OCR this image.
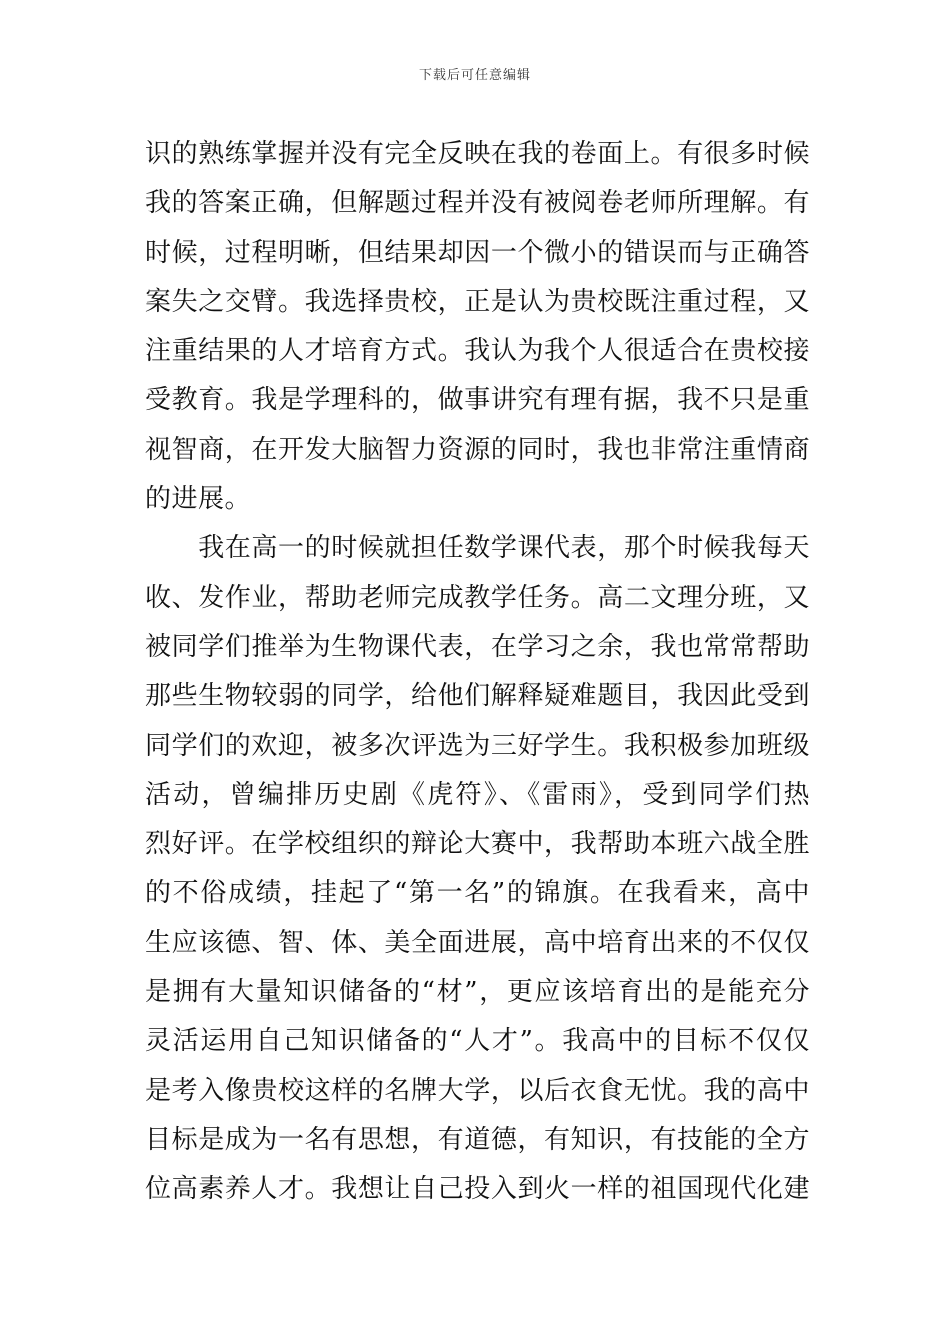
下载后可任意编辑
识的熟练掌握并没有完全反映在我的卷面上。有很多时候
我的答案正确，但解题过程并没有被阅卷老师所理解。有
时候，过程明晰，但结果却因一个微小的错误而与正确答
案失之交臂。我选择贵校，正是认为贵校既注重过程，又
注重结果的人才培育方式。我认为我个人很适合在贵校接
受教育。我是学理科的，做事讲究有理有据，我不只是重
视智商，在开发大脑智力资源的同时，我也非常注重情商
的进展。
　　我在高一的时候就担任数学课代表，那个时候我每天
收、发作业，帮助老师完成教学任务。高二文理分班，又
被同学们推举为生物课代表，在学习之余，我也常常帮助
那些生物较弱的同学，给他们解释疑难题目，我因此受到
同学们的欢迎，被多次评选为三好学生。我积极参加班级
活动，曾编排历史剧《虎符》、《雷雨》，受到同学们热
烈好评。在学校组织的辩论大赛中，我帮助本班六战全胜
的不俗成绩，挂起了“第一名”的锦旗。在我看来，高中
生应该德、智、体、美全面进展，高中培育出来的不仅仅
是拥有大量知识储备的“材”，更应该培育出的是能充分
灵活运用自己知识储备的“人才”。我高中的目标不仅仅
是考入像贵校这样的名牌大学，以后衣食无忧。我的高中
目标是成为一名有思想，有道德，有知识，有技能的全方
位高素养人才。我想让自己投入到火一样的祖国现代化建
